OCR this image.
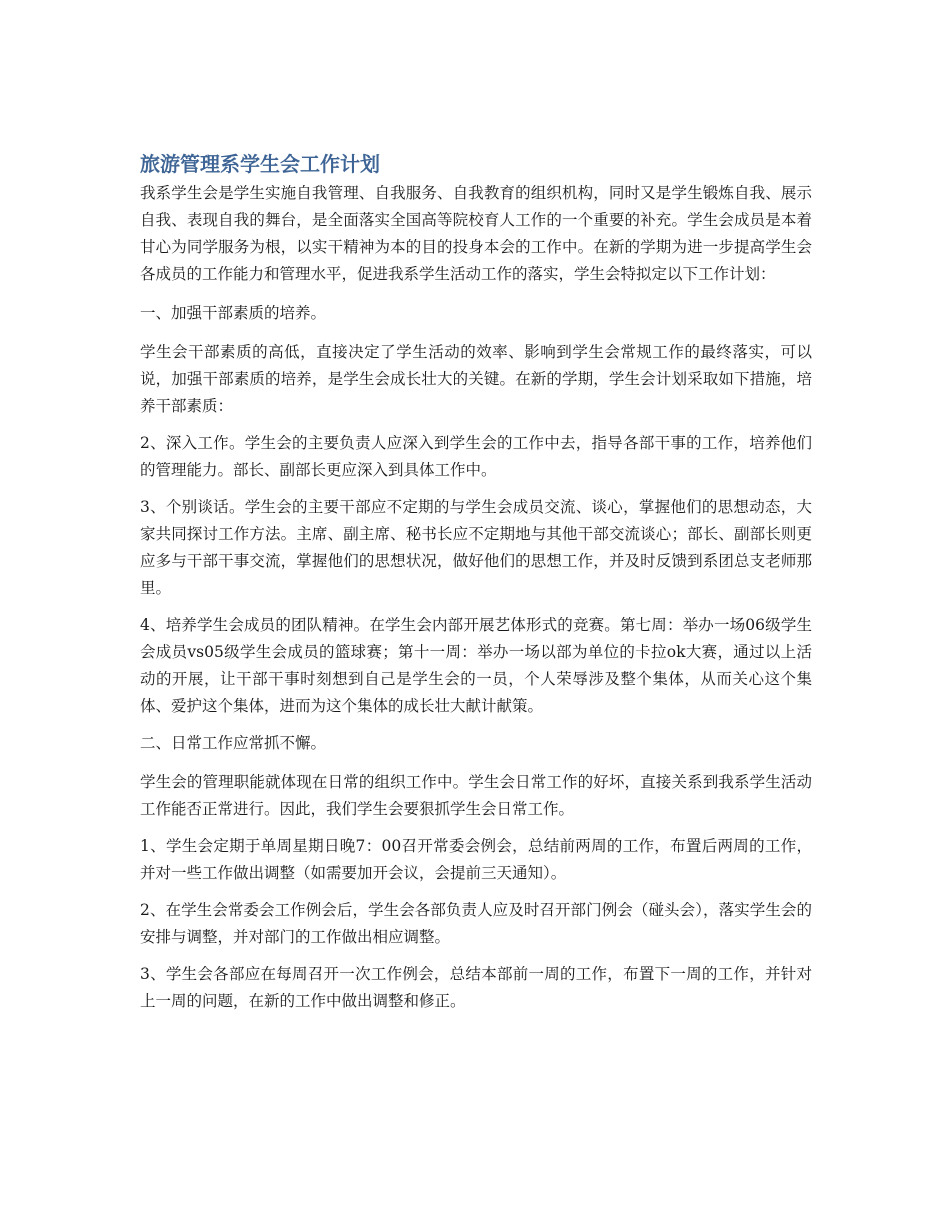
旅游管理系学生会工作计划

我系学生会是学生实施自我管理、自我服务、自我教育的组织机构，同时又是学生锻炼自我、展示自我、表现自我的舞台，是全面落实全国高等院校育人工作的一个重要的补充。学生会成员是本着甘心为同学服务为根，以实干精神为本的目的投身本会的工作中。在新的学期为进一步提高学生会各成员的工作能力和管理水平，促进我系学生活动工作的落实，学生会特拟定以下工作计划：

一、加强干部素质的培养。

学生会干部素质的高低，直接决定了学生活动的效率、影响到学生会常规工作的最终落实，可以说，加强干部素质的培养，是学生会成长壮大的关键。在新的学期，学生会计划采取如下措施，培养干部素质：

2、深入工作。学生会的主要负责人应深入到学生会的工作中去，指导各部干事的工作，培养他们的管理能力。部长、副部长更应深入到具体工作中。

3、个别谈话。学生会的主要干部应不定期的与学生会成员交流、谈心，掌握他们的思想动态，大家共同探讨工作方法。主席、副主席、秘书长应不定期地与其他干部交流谈心；部长、副部长则更应多与干部干事交流，掌握他们的思想状况，做好他们的思想工作，并及时反馈到系团总支老师那里。

4、培养学生会成员的团队精神。在学生会内部开展艺体形式的竞赛。第七周：举办一场06级学生会成员vs05级学生会成员的篮球赛；第十一周：举办一场以部为单位的卡拉ok大赛，通过以上活动的开展，让干部干事时刻想到自己是学生会的一员，个人荣辱涉及整个集体，从而关心这个集体、爱护这个集体，进而为这个集体的成长壮大献计献策。

二、日常工作应常抓不懈。

学生会的管理职能就体现在日常的组织工作中。学生会日常工作的好坏，直接关系到我系学生活动工作能否正常进行。因此，我们学生会要狠抓学生会日常工作。

1、学生会定期于单周星期日晚7：00召开常委会例会，总结前两周的工作，布置后两周的工作，并对一些工作做出调整（如需要加开会议，会提前三天通知）。

2、在学生会常委会工作例会后，学生会各部负责人应及时召开部门例会（碰头会），落实学生会的安排与调整，并对部门的工作做出相应调整。

3、学生会各部应在每周召开一次工作例会，总结本部前一周的工作，布置下一周的工作，并针对上一周的问题，在新的工作中做出调整和修正。
